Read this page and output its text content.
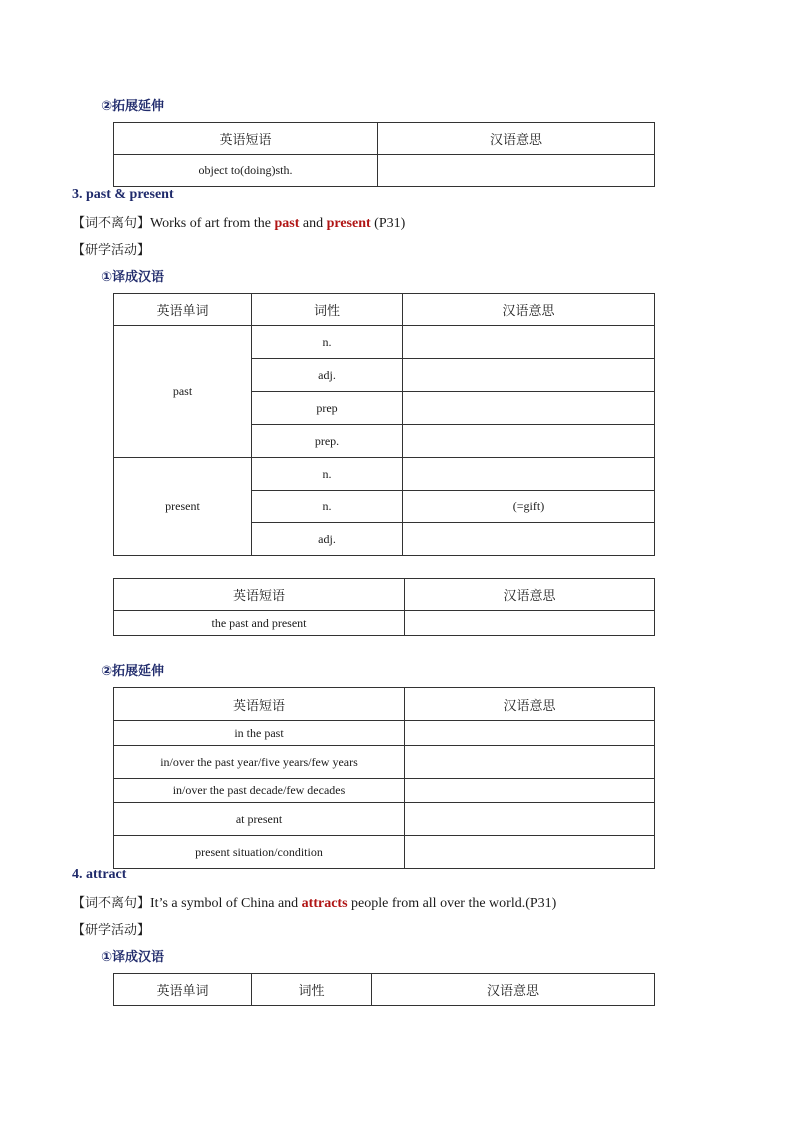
②拓展延伸
英语短语	汉语意思
object to(doing)sth.	
3. past & present
【词不离句】Works of art from the past and present (P31)
【研学活动】
①译成汉语
英语单词	词性	汉语意思
past	n.	
	adj.	
	prep	
	prep.	
present	n.	
	n.	(=gift)
	adj.	
英语短语	汉语意思
the past and present	
②拓展延伸
英语短语	汉语意思
in the past	
in/over the past year/five years/few years	
in/over the past decade/few decades	
at present	
present situation/condition	
4. attract
【词不离句】It’s a symbol of China and attracts people from all over the world.(P31)
【研学活动】
①译成汉语
英语单词	词性	汉语意思
